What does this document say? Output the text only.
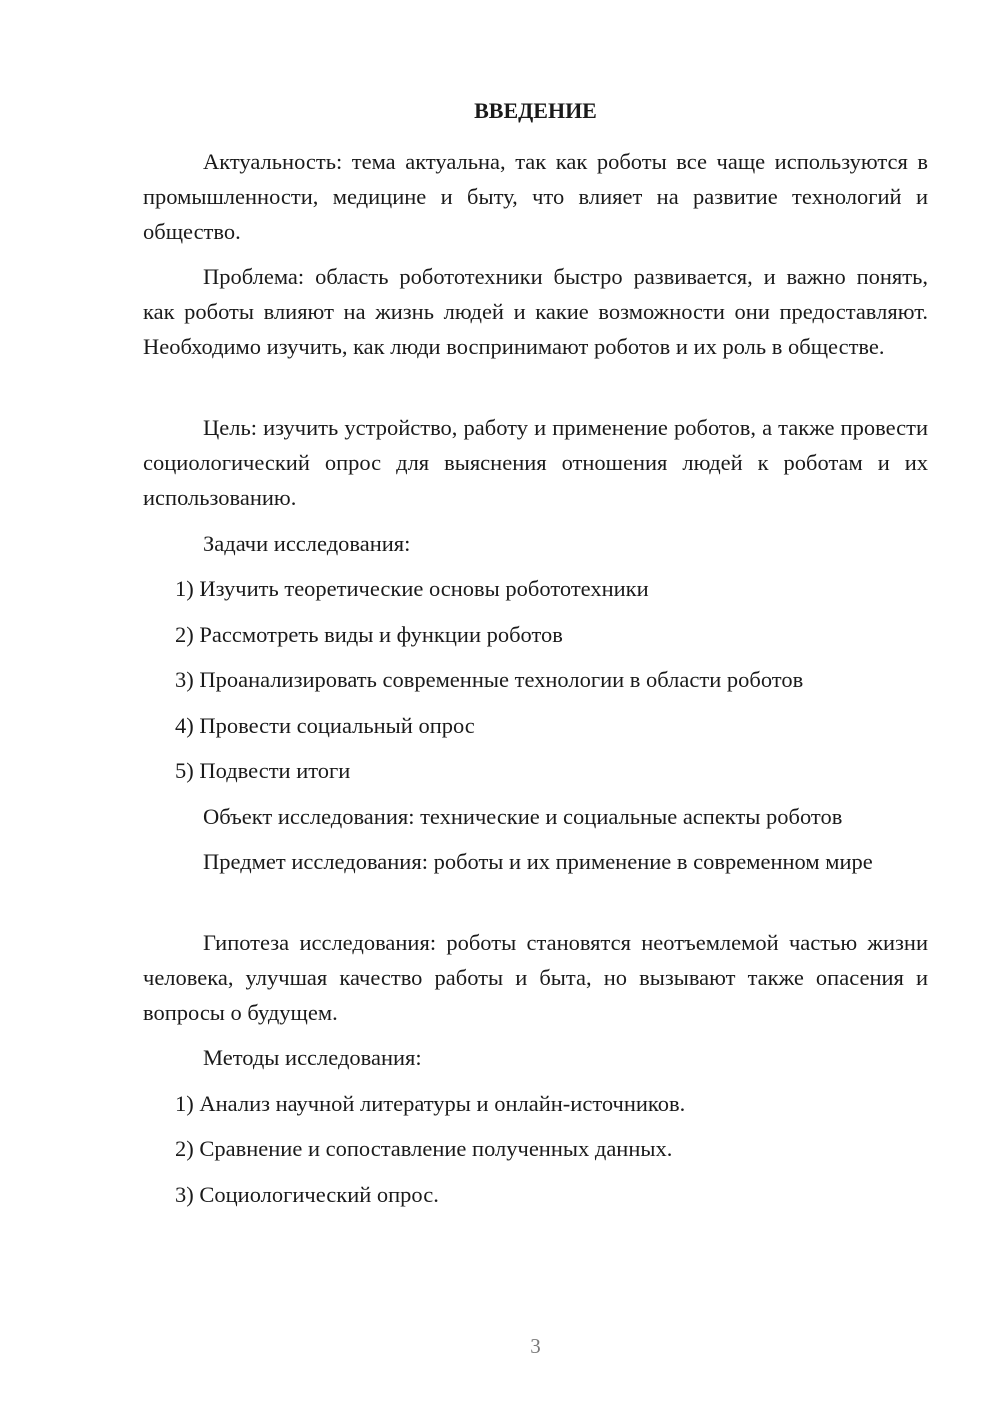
ВВЕДЕНИЕ

Актуальность: тема актуальна, так как роботы все чаще используются в промышленности, медицине и быту, что влияет на развитие технологий и общество.

Проблема: область робототехники быстро развивается, и важно понять, как роботы влияют на жизнь людей и какие возможности они предоставляют. Необходимо изучить, как люди воспринимают роботов и их роль в обществе.

Цель: изучить устройство, работу и применение роботов, а также провести социологический опрос для выяснения отношения людей к роботам и их использованию.

Задачи исследования:

1) Изучить теоретические основы робототехники

2) Рассмотреть виды и функции роботов

3) Проанализировать современные технологии в области роботов

4) Провести социальный опрос

5) Подвести итоги

Объект исследования: технические и социальные аспекты роботов

Предмет исследования: роботы и их применение в современном мире

Гипотеза исследования: роботы становятся неотъемлемой частью жизни человека, улучшая качество работы и быта, но вызывают также опасения и вопросы о будущем.

Методы исследования:

1) Анализ научной литературы и онлайн-источников.

2) Сравнение и сопоставление полученных данных.

3) Социологический опрос.

3
